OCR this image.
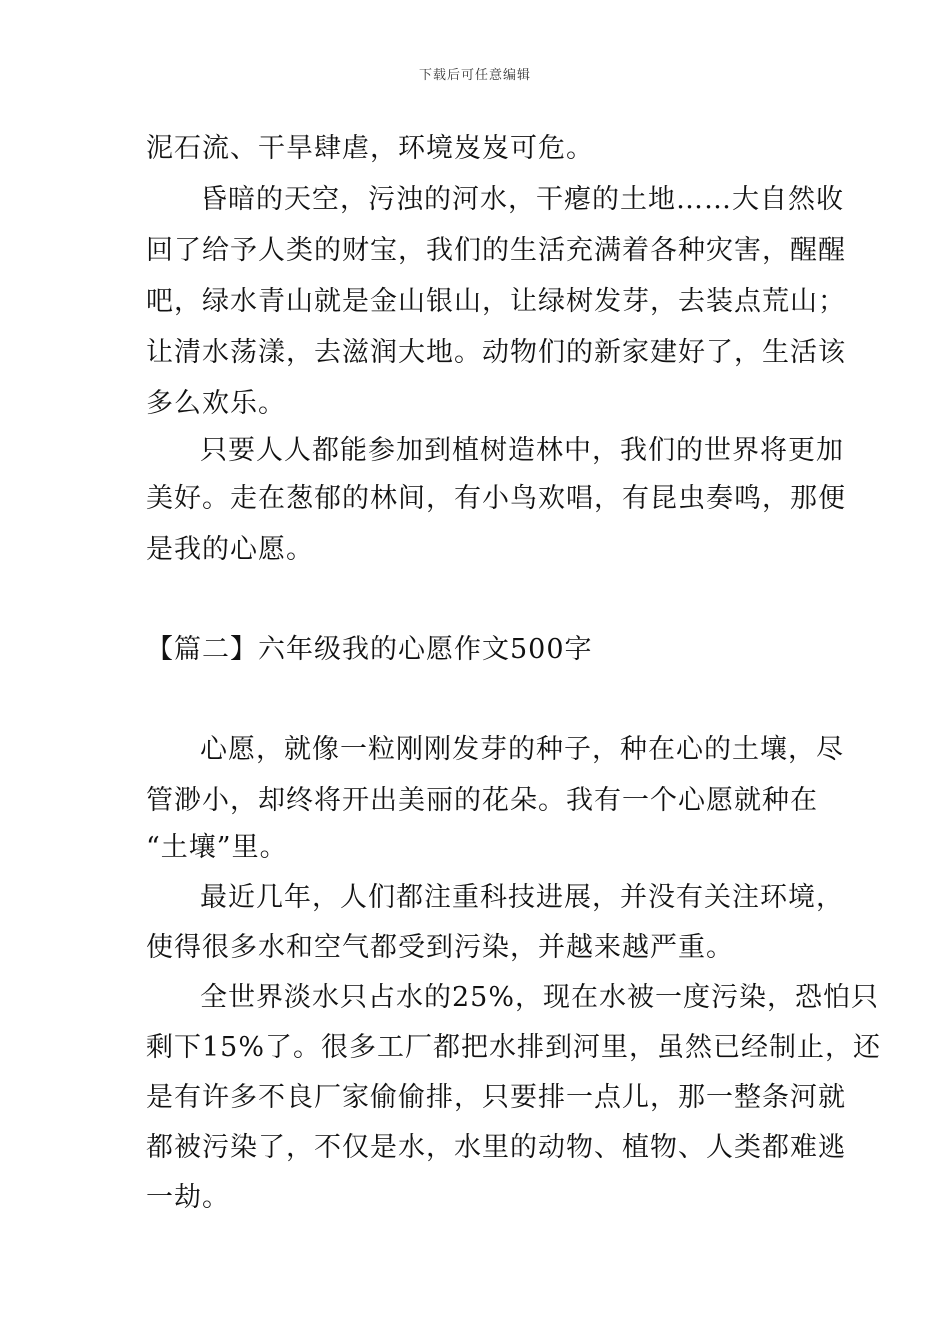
下载后可任意编辑
泥石流、干旱肆虐，环境岌岌可危。
昏暗的天空，污浊的河水，干瘪的土地……大自然收
回了给予人类的财宝，我们的生活充满着各种灾害，醒醒
吧，绿水青山就是金山银山，让绿树发芽，去装点荒山；
让清水荡漾，去滋润大地。动物们的新家建好了，生活该
多么欢乐。
只要人人都能参加到植树造林中，我们的世界将更加
美好。走在葱郁的林间，有小鸟欢唱，有昆虫奏鸣，那便
是我的心愿。
【篇二】六年级我的心愿作文500字
心愿，就像一粒刚刚发芽的种子，种在心的土壤，尽
管渺小，却终将开出美丽的花朵。我有一个心愿就种在
“土壤”里。
最近几年，人们都注重科技进展，并没有关注环境，
使得很多水和空气都受到污染，并越来越严重。
全世界淡水只占水的25%，现在水被一度污染，恐怕只
剩下15%了。很多工厂都把水排到河里，虽然已经制止，还
是有许多不良厂家偷偷排，只要排一点儿，那一整条河就
都被污染了，不仅是水，水里的动物、植物、人类都难逃
一劫。
